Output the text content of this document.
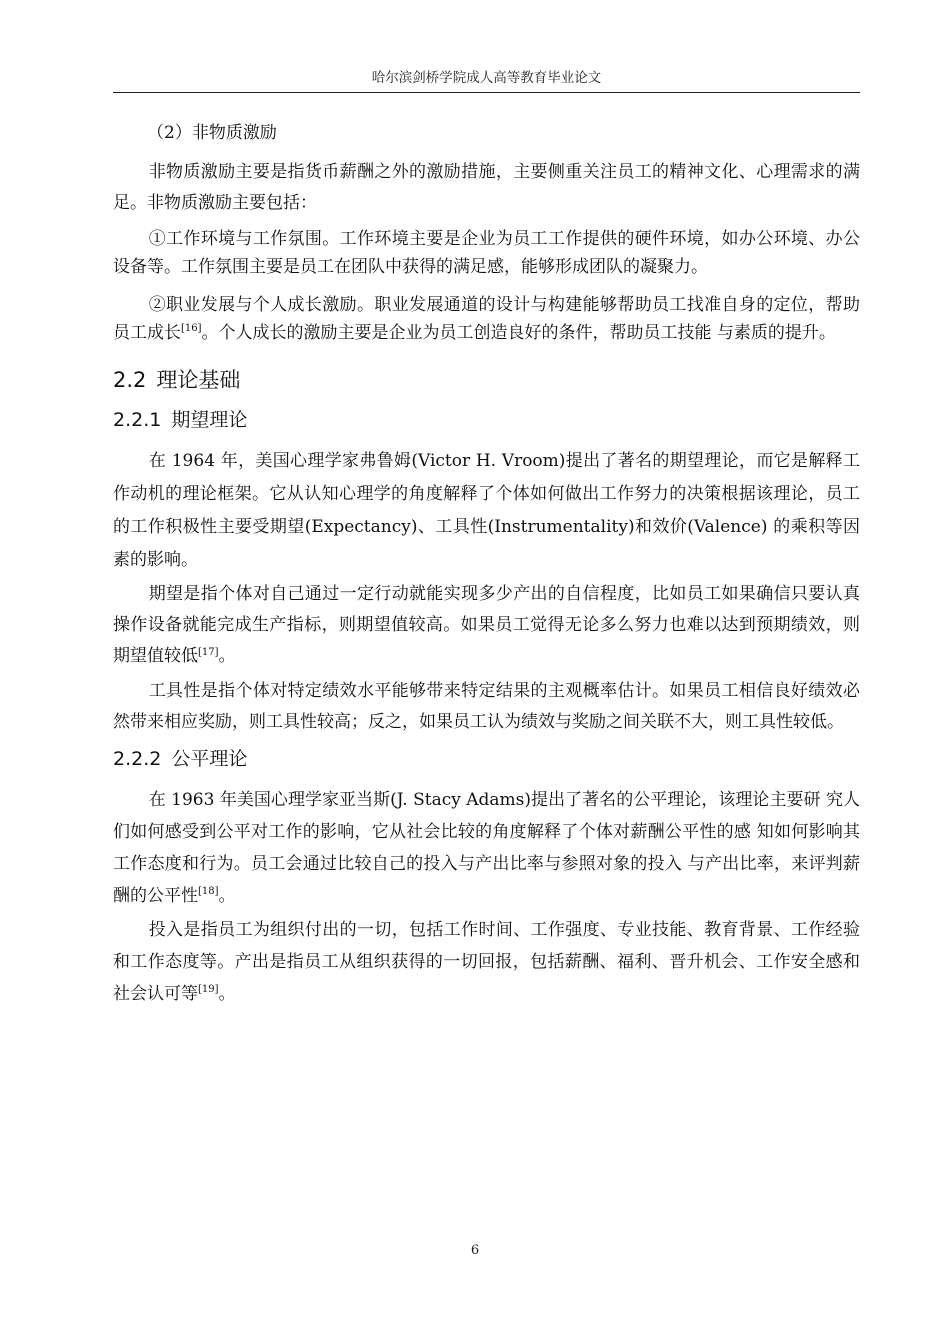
哈尔滨剑桥学院成人高等教育毕业论文

（2）非物质激励

非物质激励主要是指货币薪酬之外的激励措施，主要侧重关注员工的精神文化、心理需求的满足。非物质激励主要包括：

①工作环境与工作氛围。工作环境主要是企业为员工工作提供的硬件环境，如办公环境、办公设备等。工作氛围主要是员工在团队中获得的满足感，能够形成团队的凝聚力。

②职业发展与个人成长激励。职业发展通道的设计与构建能够帮助员工找准自身的定位，帮助员工成长[16]。个人成长的激励主要是企业为员工创造良好的条件，帮助员工技能 与素质的提升。

2.2 理论基础
2.2.1 期望理论

在 1964 年，美国心理学家弗鲁姆(Victor H. Vroom)提出了著名的期望理论，而它是解释工作动机的理论框架。它从认知心理学的角度解释了个体如何做出工作努力的决策根据该理论，员工的工作积极性主要受期望(Expectancy)、工具性(Instrumentality)和效价(Valence) 的乘积等因素的影响。

期望是指个体对自己通过一定行动就能实现多少产出的自信程度，比如员工如果确信只要认真操作设备就能完成生产指标，则期望值较高。如果员工觉得无论多么努力也难以达到预期绩效，则期望值较低[17]。

工具性是指个体对特定绩效水平能够带来特定结果的主观概率估计。如果员工相信良好绩效必然带来相应奖励，则工具性较高；反之，如果员工认为绩效与奖励之间关联不大，则工具性较低。

2.2.2 公平理论

在 1963 年美国心理学家亚当斯(J. Stacy Adams)提出了著名的公平理论，该理论主要研 究人们如何感受到公平对工作的影响，它从社会比较的角度解释了个体对薪酬公平性的感 知如何影响其工作态度和行为。员工会通过比较自己的投入与产出比率与参照对象的投入 与产出比率，来评判薪酬的公平性[18]。

投入是指员工为组织付出的一切，包括工作时间、工作强度、专业技能、教育背景、工作经验和工作态度等。产出是指员工从组织获得的一切回报，包括薪酬、福利、晋升机会、工作安全感和社会认可等[19]。

6
